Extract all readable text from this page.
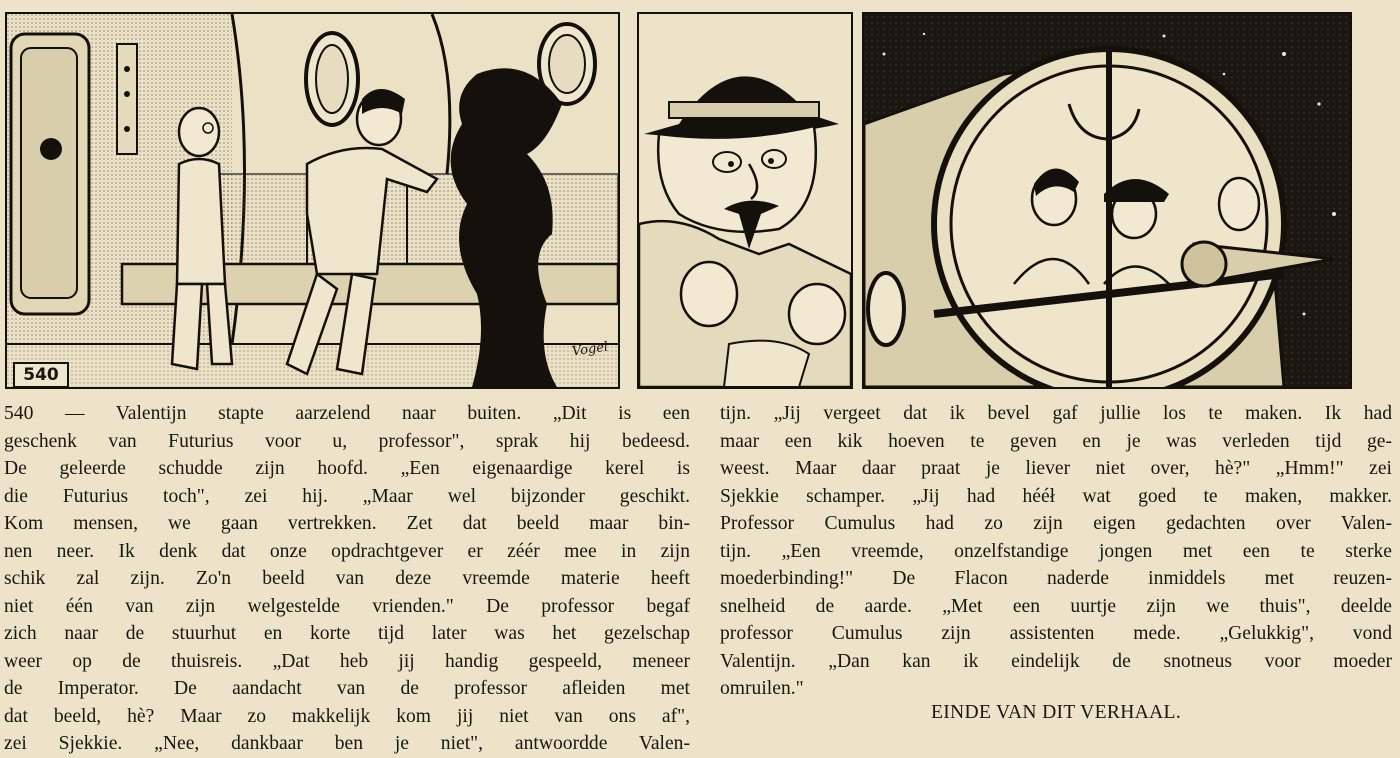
540
Vogel
540 — Valentijn stapte aarzelend naar buiten. „Dit is een
geschenk van Futurius voor u, professor", sprak hij bedeesd.
De geleerde schudde zijn hoofd. „Een eigenaardige kerel is
die Futurius toch", zei hij. „Maar wel bijzonder geschikt.
Kom mensen, we gaan vertrekken. Zet dat beeld maar bin-
nen neer. Ik denk dat onze opdrachtgever er zéér mee in zijn
schik zal zijn. Zo'n beeld van deze vreemde materie heeft
niet één van zijn welgestelde vrienden." De professor begaf
zich naar de stuurhut en korte tijd later was het gezelschap
weer op de thuisreis. „Dat heb jij handig gespeeld, meneer
de Imperator. De aandacht van de professor afleiden met
dat beeld, hè? Maar zo makkelijk kom jij niet van ons af",
zei Sjekkie. „Nee, dankbaar ben je niet", antwoordde Valen-
tijn. „Jij vergeet dat ik bevel gaf jullie los te maken. Ik had
maar een kik hoeven te geven en je was verleden tijd ge-
weest. Maar daar praat je liever niet over, hè?" „Hmm!" zei
Sjekkie schamper. „Jij had hééł wat goed te maken, makker.
Professor Cumulus had zo zijn eigen gedachten over Valen-
tijn. „Een vreemde, onzelfstandige jongen met een te sterke
moederbinding!" De Flacon naderde inmiddels met reuzen-
snelheid de aarde. „Met een uurtje zijn we thuis", deelde
professor Cumulus zijn assistenten mede. „Gelukkig", vond
Valentijn. „Dan kan ik eindelijk de snotneus voor moeder
omruilen."
EINDE VAN DIT VERHAAL.
